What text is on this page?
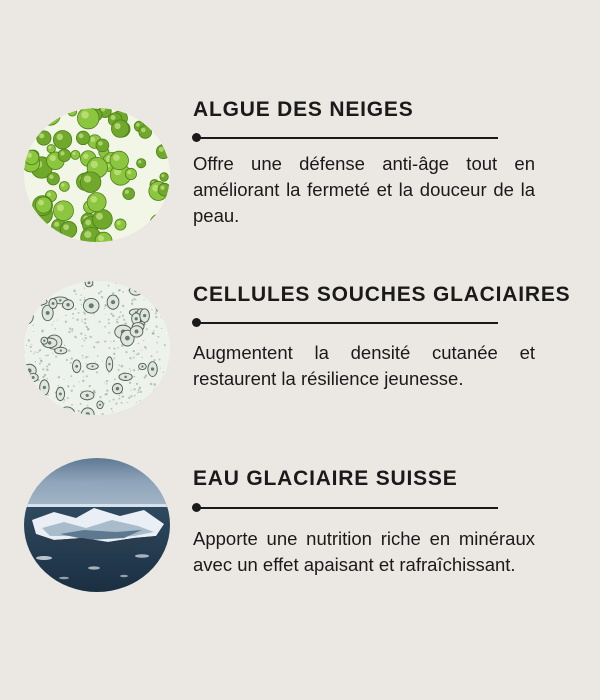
ALGUE DES NEIGES

Offre une défense anti-âge tout en améliorant la fermeté et la douceur de la peau.

CELLULES SOUCHES GLACIAIRES

Augmentent la densité cutanée et restaurent la résilience jeunesse.

EAU GLACIAIRE SUISSE

Apporte une nutrition riche en minéraux avec un effet apaisant et rafraîchissant.
